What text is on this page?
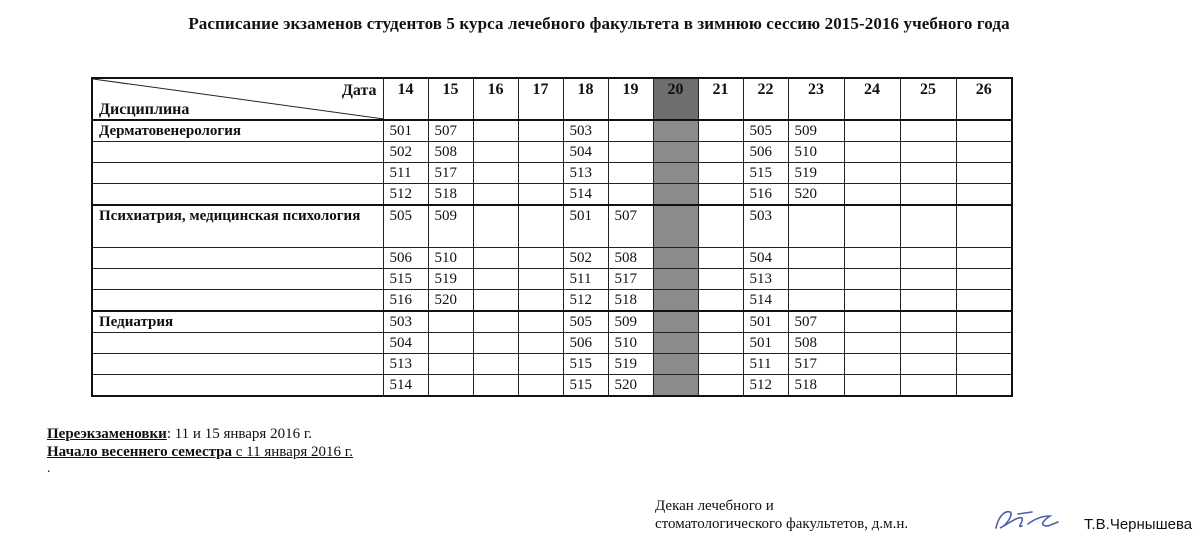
Расписание экзаменов студентов 5 курса лечебного факультета в зимнюю сессию 2015-2016 учебного года
Дата
Дисциплина	14	15	16	17	18	19	20	21	22	23	24	25	26
Дерматовенерология	501	507			503				505	509			
	502	508			504				506	510			
	511	517			513				515	519			
	512	518			514				516	520			
Психиатрия, медицинская психология	505	509			501	507			503				
	506	510			502	508			504				
	515	519			511	517			513				
	516	520			512	518			514				
Педиатрия	503				505	509			501	507			
	504				506	510			501	508			
	513				515	519			511	517			
	514				515	520			512	518			
Переэкзаменовки: 11 и 15 января 2016 г.
Начало весеннего семестра с 11 января 2016 г.
.
Декан лечебного и
стоматологического факультетов, д.м.н.	Т.В.Чернышева
